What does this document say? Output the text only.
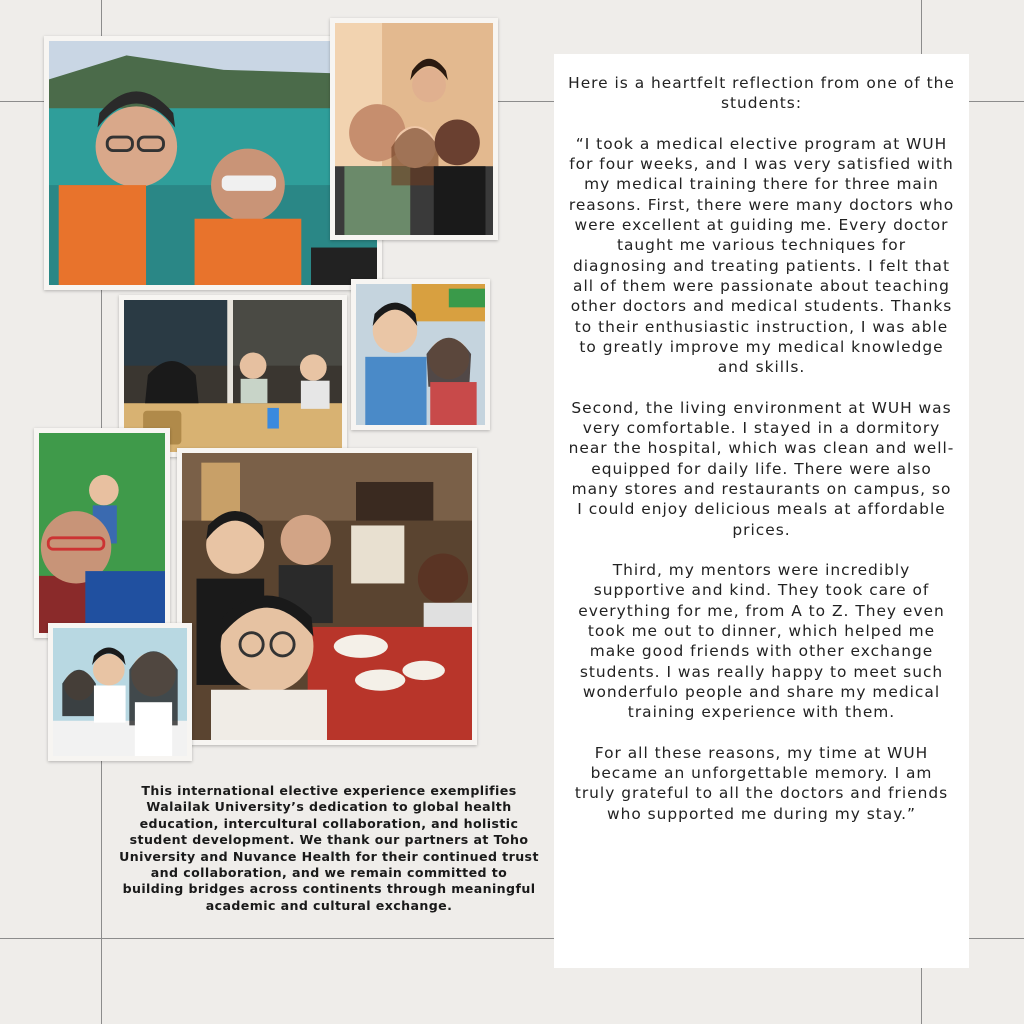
This international elective experience exemplifies Walailak University’s dedication to global health education, intercultural collaboration, and holistic student development. We thank our partners at Toho University and Nuvance Health for their continued trust and collaboration, and we remain committed to building bridges across continents through meaningful academic and cultural exchange.

Here is a heartfelt reflection from one of the students:

“I took a medical elective program at WUH for four weeks, and I was very satisfied with my medical training there for three main reasons. First, there were many doctors who were excellent at guiding me. Every doctor taught me various techniques for diagnosing and treating patients. I felt that all of them were passionate about teaching other doctors and medical students. Thanks to their enthusiastic instruction, I was able to greatly improve my medical knowledge and skills.

Second, the living environment at WUH was very comfortable. I stayed in a dormitory near the hospital, which was clean and well-equipped for daily life. There were also many stores and restaurants on campus, so I could enjoy delicious meals at affordable prices.

Third, my mentors were incredibly supportive and kind. They took care of everything for me, from A to Z. They even took me out to dinner, which helped me make good friends with other exchange students. I was really happy to meet such wonderfulo people and share my medical training experience with them.

For all these reasons, my time at WUH became an unforgettable memory. I am truly grateful to all the doctors and friends who supported me during my stay.”
